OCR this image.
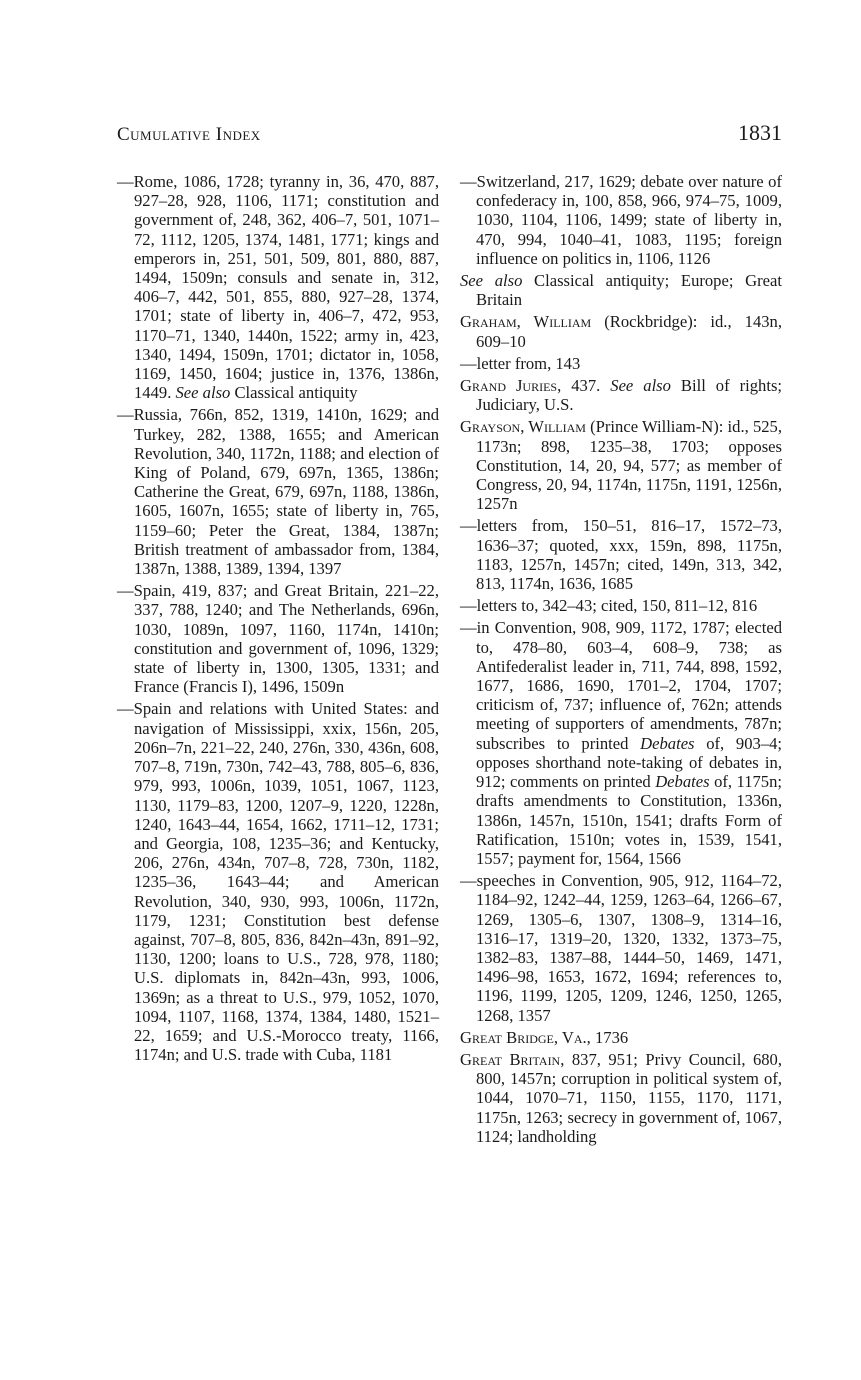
Cumulative Index	1831

—Rome, 1086, 1728; tyranny in, 36, 470, 887, 927–28, 928, 1106, 1171; constitution and government of, 248, 362, 406–7, 501, 1071–72, 1112, 1205, 1374, 1481, 1771; kings and emperors in, 251, 501, 509, 801, 880, 887, 1494, 1509n; consuls and senate in, 312, 406–7, 442, 501, 855, 880, 927–28, 1374, 1701; state of liberty in, 406–7, 472, 953, 1170–71, 1340, 1440n, 1522; army in, 423, 1340, 1494, 1509n, 1701; dictator in, 1058, 1169, 1450, 1604; justice in, 1376, 1386n, 1449. See also Classical antiquity

—Russia, 766n, 852, 1319, 1410n, 1629; and Turkey, 282, 1388, 1655; and American Revolution, 340, 1172n, 1188; and election of King of Poland, 679, 697n, 1365, 1386n; Catherine the Great, 679, 697n, 1188, 1386n, 1605, 1607n, 1655; state of liberty in, 765, 1159–60; Peter the Great, 1384, 1387n; British treatment of ambassador from, 1384, 1387n, 1388, 1389, 1394, 1397

—Spain, 419, 837; and Great Britain, 221–22, 337, 788, 1240; and The Netherlands, 696n, 1030, 1089n, 1097, 1160, 1174n, 1410n; constitution and government of, 1096, 1329; state of liberty in, 1300, 1305, 1331; and France (Francis I), 1496, 1509n

—Spain and relations with United States: and navigation of Mississippi, xxix, 156n, 205, 206n–7n, 221–22, 240, 276n, 330, 436n, 608, 707–8, 719n, 730n, 742–43, 788, 805–6, 836, 979, 993, 1006n, 1039, 1051, 1067, 1123, 1130, 1179–83, 1200, 1207–9, 1220, 1228n, 1240, 1643–44, 1654, 1662, 1711–12, 1731; and Georgia, 108, 1235–36; and Kentucky, 206, 276n, 434n, 707–8, 728, 730n, 1182, 1235–36, 1643–44; and American Revolution, 340, 930, 993, 1006n, 1172n, 1179, 1231; Constitution best defense against, 707–8, 805, 836, 842n–43n, 891–92, 1130, 1200; loans to U.S., 728, 978, 1180; U.S. diplomats in, 842n–43n, 993, 1006, 1369n; as a threat to U.S., 979, 1052, 1070, 1094, 1107, 1168, 1374, 1384, 1480, 1521–22, 1659; and U.S.-Morocco treaty, 1166, 1174n; and U.S. trade with Cuba, 1181

—Switzerland, 217, 1629; debate over nature of confederacy in, 100, 858, 966, 974–75, 1009, 1030, 1104, 1106, 1499; state of liberty in, 470, 994, 1040–41, 1083, 1195; foreign influence on politics in, 1106, 1126

See also Classical antiquity; Europe; Great Britain

Graham, William (Rockbridge): id., 143n, 609–10

—letter from, 143

Grand Juries, 437. See also Bill of rights; Judiciary, U.S.

Grayson, William (Prince William-N): id., 525, 1173n; 898, 1235–38, 1703; opposes Constitution, 14, 20, 94, 577; as member of Congress, 20, 94, 1174n, 1175n, 1191, 1256n, 1257n

—letters from, 150–51, 816–17, 1572–73, 1636–37; quoted, xxx, 159n, 898, 1175n, 1183, 1257n, 1457n; cited, 149n, 313, 342, 813, 1174n, 1636, 1685

—letters to, 342–43; cited, 150, 811–12, 816

—in Convention, 908, 909, 1172, 1787; elected to, 478–80, 603–4, 608–9, 738; as Antifederalist leader in, 711, 744, 898, 1592, 1677, 1686, 1690, 1701–2, 1704, 1707; criticism of, 737; influence of, 762n; attends meeting of supporters of amendments, 787n; subscribes to printed Debates of, 903–4; opposes shorthand note-taking of debates in, 912; comments on printed Debates of, 1175n; drafts amendments to Constitution, 1336n, 1386n, 1457n, 1510n, 1541; drafts Form of Ratification, 1510n; votes in, 1539, 1541, 1557; payment for, 1564, 1566

—speeches in Convention, 905, 912, 1164–72, 1184–92, 1242–44, 1259, 1263–64, 1266–67, 1269, 1305–6, 1307, 1308–9, 1314–16, 1316–17, 1319–20, 1320, 1332, 1373–75, 1382–83, 1387–88, 1444–50, 1469, 1471, 1496–98, 1653, 1672, 1694; references to, 1196, 1199, 1205, 1209, 1246, 1250, 1265, 1268, 1357

Great Bridge, Va., 1736

Great Britain, 837, 951; Privy Council, 680, 800, 1457n; corruption in political system of, 1044, 1070–71, 1150, 1155, 1170, 1171, 1175n, 1263; secrecy in government of, 1067, 1124; landholding
